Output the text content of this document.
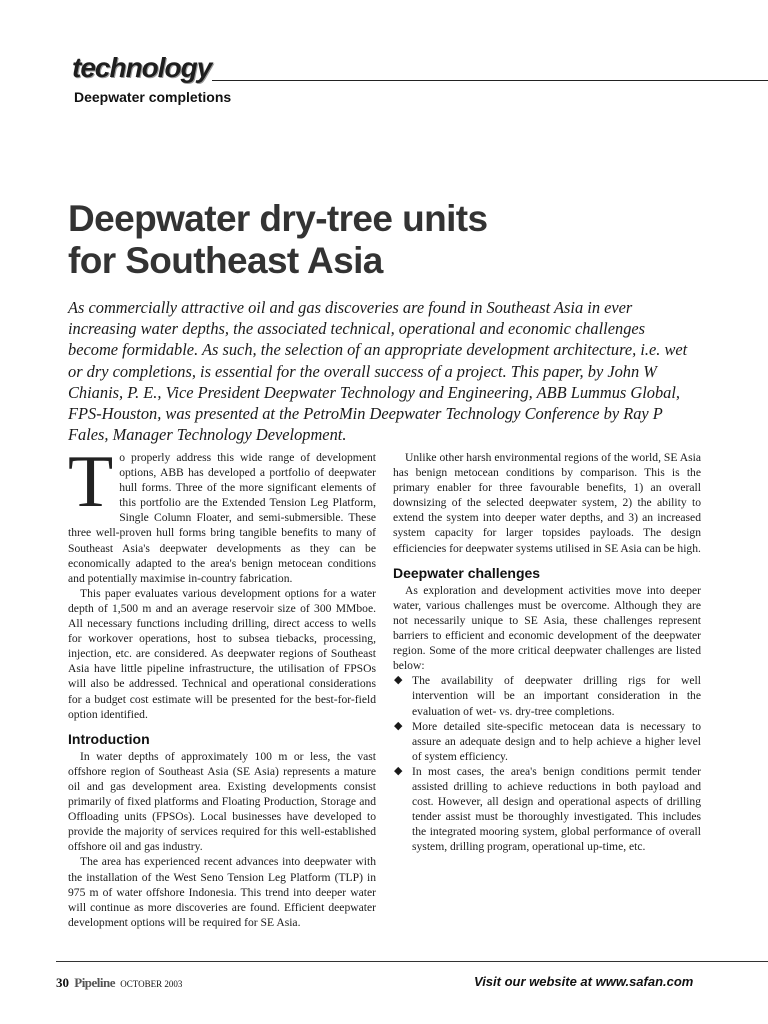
technology
Deepwater completions
Deepwater dry-tree units
for Southeast Asia
As commercially attractive oil and gas discoveries are found in Southeast Asia in ever increasing water depths, the associated technical, operational and economic challenges become formidable. As such, the selection of an appropriate development architecture, i.e. wet or dry completions, is essential for the overall success of a project. This paper, by John W Chianis, P. E., Vice President Deepwater Technology and Engineering, ABB Lummus Global, FPS-Houston, was presented at the PetroMin Deepwater Technology Conference by Ray P Fales, Manager Technology Development.

To properly address this wide range of development options, ABB has developed a portfolio of deepwater hull forms. Three of the more significant elements of this portfolio are the Extended Tension Leg Platform, Single Column Floater, and semi-submersible. These three well-proven hull forms bring tangible benefits to many of Southeast Asia's deepwater developments as they can be economically adapted to the area's benign metocean conditions and potentially maximise in-country fabrication.

This paper evaluates various development options for a water depth of 1,500 m and an average reservoir size of 300 MMboe. All necessary functions including drilling, direct access to wells for workover operations, host to subsea tiebacks, processing, injection, etc. are considered. As deepwater regions of Southeast Asia have little pipeline infrastructure, the utilisation of FPSOs will also be addressed. Technical and operational considerations for a budget cost estimate will be presented for the best-for-field option identified.

Introduction

In water depths of approximately 100 m or less, the vast offshore region of Southeast Asia (SE Asia) represents a mature oil and gas development area. Existing developments consist primarily of fixed platforms and Floating Production, Storage and Offloading units (FPSOs). Local businesses have developed to provide the majority of services required for this well-established offshore oil and gas industry.

The area has experienced recent advances into deepwater with the installation of the West Seno Tension Leg Platform (TLP) in 975 m of water offshore Indonesia. This trend into deeper water will continue as more discoveries are found. Efficient deepwater development options will be required for SE Asia.

Unlike other harsh environmental regions of the world, SE Asia has benign metocean conditions by comparison. This is the primary enabler for three favourable benefits, 1) an overall downsizing of the selected deepwater system, 2) the ability to extend the system into deeper water depths, and 3) an increased system capacity for larger topsides payloads. The design efficiencies for deepwater systems utilised in SE Asia can be high.

Deepwater challenges

As exploration and development activities move into deeper water, various challenges must be overcome. Although they are not necessarily unique to SE Asia, these challenges represent barriers to efficient and economic development of the deepwater region. Some of the more critical deepwater challenges are listed below:

◆ The availability of deepwater drilling rigs for well intervention will be an important consideration in the evaluation of wet- vs. dry-tree completions.
◆ More detailed site-specific metocean data is necessary to assure an adequate design and to help achieve a higher level of system efficiency.
◆ In most cases, the area's benign conditions permit tender assisted drilling to achieve reductions in both payload and cost. However, all design and operational aspects of drilling tender assist must be thoroughly investigated. This includes the integrated mooring system, global performance of overall system, drilling program, operational up-time, etc.
30 Pipeline OCTOBER 2003	Visit our website at www.safan.com
